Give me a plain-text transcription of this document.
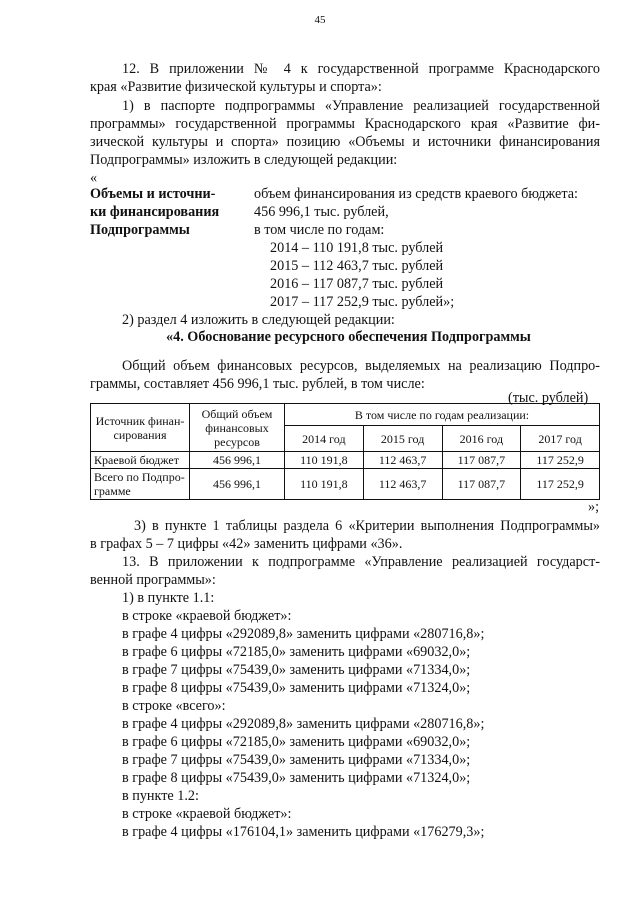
45
12. В приложении № 4 к государственной программе Краснодарского
края «Развитие физической культуры и спорта»:
1) в паспорте подпрограммы «Управление реализацией государственной
программы» государственной программы Краснодарского края «Развитие фи-
зической культуры и спорта» позицию «Объемы и источники финансирования
Подпрограммы» изложить в следующей редакции:
«
Объемы и источни-
ки финансирования
Подпрограммы
объем финансирования из средств краевого бюджета:
456 996,1 тыс. рублей,
в том числе по годам:
2014 – 110 191,8 тыс. рублей
2015 – 112 463,7 тыс. рублей
2016 – 117 087,7 тыс. рублей
2017 – 117 252,9 тыс. рублей»;
2) раздел 4 изложить в следующей редакции:
«4. Обоснование ресурсного обеспечения Подпрограммы
Общий объем финансовых ресурсов, выделяемых на реализацию Подпро-
граммы, составляет 456 996,1 тыс. рублей, в том числе:
(тыс. рублей)
Источник финан-сирования	Общий объем финансовых ресурсов	В том числе по годам реализации:			
		2014 год	2015 год	2016 год	2017 год
Краевой бюджет	456 996,1	110 191,8	112 463,7	117 087,7	117 252,9
Всего по Подпро-грамме	456 996,1	110 191,8	112 463,7	117 087,7	117 252,9
»;
3) в пункте 1 таблицы раздела 6 «Критерии выполнения Подпрограммы»
в графах 5 – 7 цифры «42» заменить цифрами «36».
13. В приложении к подпрограмме «Управление реализацией государст-
венной программы»:
1) в пункте 1.1:
в строке «краевой бюджет»:
в графе 4 цифры «292089,8» заменить цифрами «280716,8»;
в графе 6 цифры «72185,0» заменить цифрами «69032,0»;
в графе 7 цифры «75439,0» заменить цифрами «71334,0»;
в графе 8 цифры «75439,0» заменить цифрами «71324,0»;
в строке «всего»:
в графе 4 цифры «292089,8» заменить цифрами «280716,8»;
в графе 6 цифры «72185,0» заменить цифрами «69032,0»;
в графе 7 цифры «75439,0» заменить цифрами «71334,0»;
в графе 8 цифры «75439,0» заменить цифрами «71324,0»;
в пункте 1.2:
в строке «краевой бюджет»:
в графе 4 цифры «176104,1» заменить цифрами «176279,3»;
